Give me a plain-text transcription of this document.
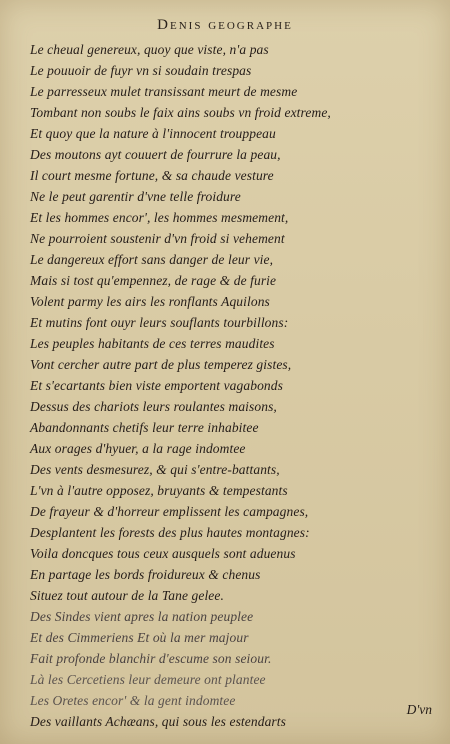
Denis geographe
Le cheual genereux, quoy que viste, n'a pas
Le pouuoir de fuyr vn si soudain trespas
Le parresseux mulet transissant meurt de mesme
Tombant non soubs le faix ains soubs vn froid extreme,
Et quoy que la nature à l'innocent trouppeau
Des moutons ayt couuert de fourrure la peau,
Il court mesme fortune, & sa chaude vesture
Ne le peut garentir d'vne telle froidure
Et les hommes encor', les hommes mesmement,
Ne pourroient soustenir d'vn froid si vehement
Le dangereux effort sans danger de leur vie,
Mais si tost qu'empennez, de rage & de furie
Volent parmy les airs les ronflants Aquilons
Et mutins font ouyr leurs souflants tourbillons:
Les peuples habitants de ces terres maudites
Vont cercher autre part de plus temperez gistes,
Et s'ecartants bien viste emportent vagabonds
Dessus des chariots leurs roulantes maisons,
Abandonnants chetifs leur terre inhabitee
Aux orages d'hyuer, a la rage indomtee
Des vents desmesurez, & qui s'entre-battants,
L'vn à l'autre opposez, bruyants & tempestants
De frayeur & d'horreur emplissent les campagnes,
Desplantent les forests des plus hautes montagnes:
Voila doncques tous ceux ausquels sont aduenus
En partage les bords froidureux & chenus
Situez tout autour de la Tane gelee.
Des Sindes vient apres la nation peuplee
Et des Cimmeriens Et où la mer majour
Fait profonde blanchir d'escume son seiour.
Là les Cercetiens leur demeure ont plantee
Les Oretes encor' & la gent indomtee
Des vaillants Achæans, qui sous les estendarts
D'vn
